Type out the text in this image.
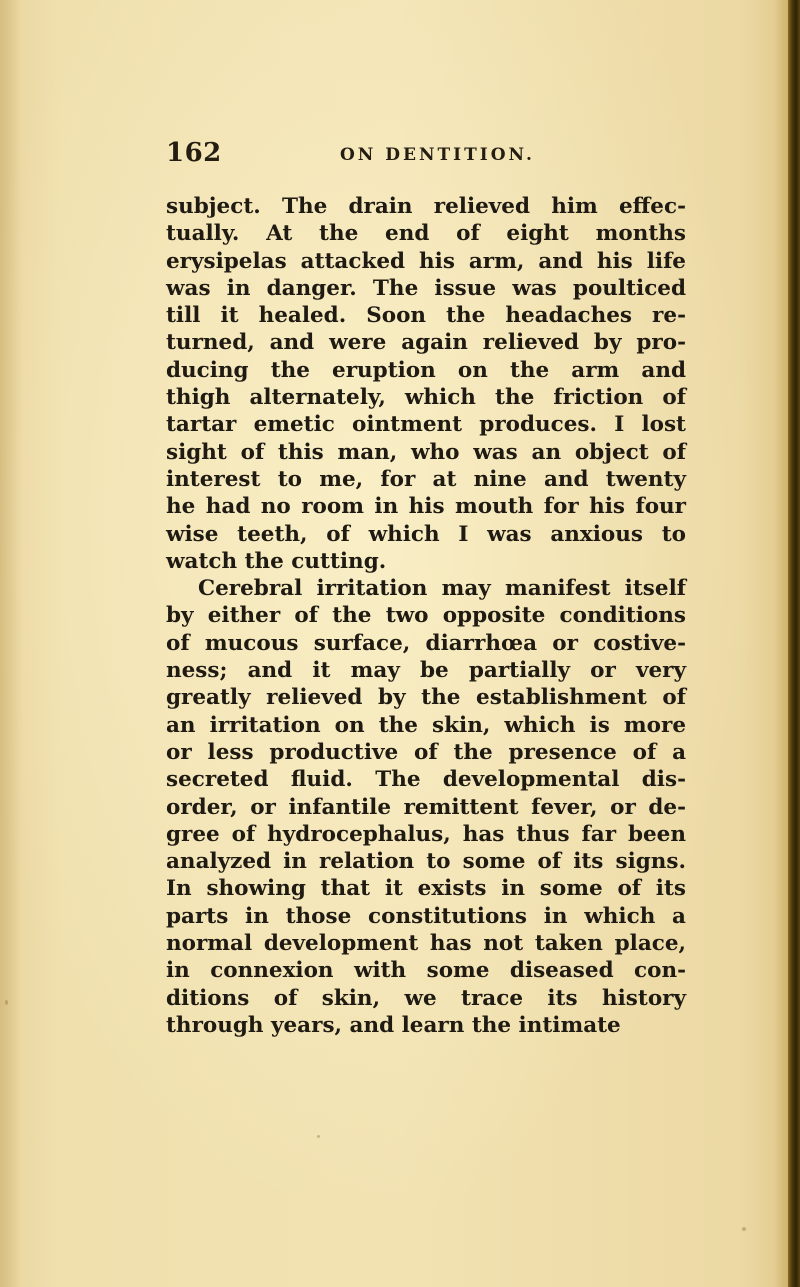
162	ON DENTITION.
subject. The drain relieved him effec-
tually. At the end of eight months
erysipelas attacked his arm, and his life
was in danger. The issue was poulticed
till it healed. Soon the headaches re-
turned, and were again relieved by pro-
ducing the eruption on the arm and
thigh alternately, which the friction of
tartar emetic ointment produces. I lost
sight of this man, who was an object of
interest to me, for at nine and twenty
he had no room in his mouth for his four
wise teeth, of which I was anxious to
watch the cutting.
Cerebral irritation may manifest itself
by either of the two opposite conditions
of mucous surface, diarrhœa or costive-
ness; and it may be partially or very
greatly relieved by the establishment of
an irritation on the skin, which is more
or less productive of the presence of a
secreted fluid. The developmental dis-
order, or infantile remittent fever, or de-
gree of hydrocephalus, has thus far been
analyzed in relation to some of its signs.
In showing that it exists in some of its
parts in those constitutions in which a
normal development has not taken place,
in connexion with some diseased con-
ditions of skin, we trace its history
through years, and learn the intimate
